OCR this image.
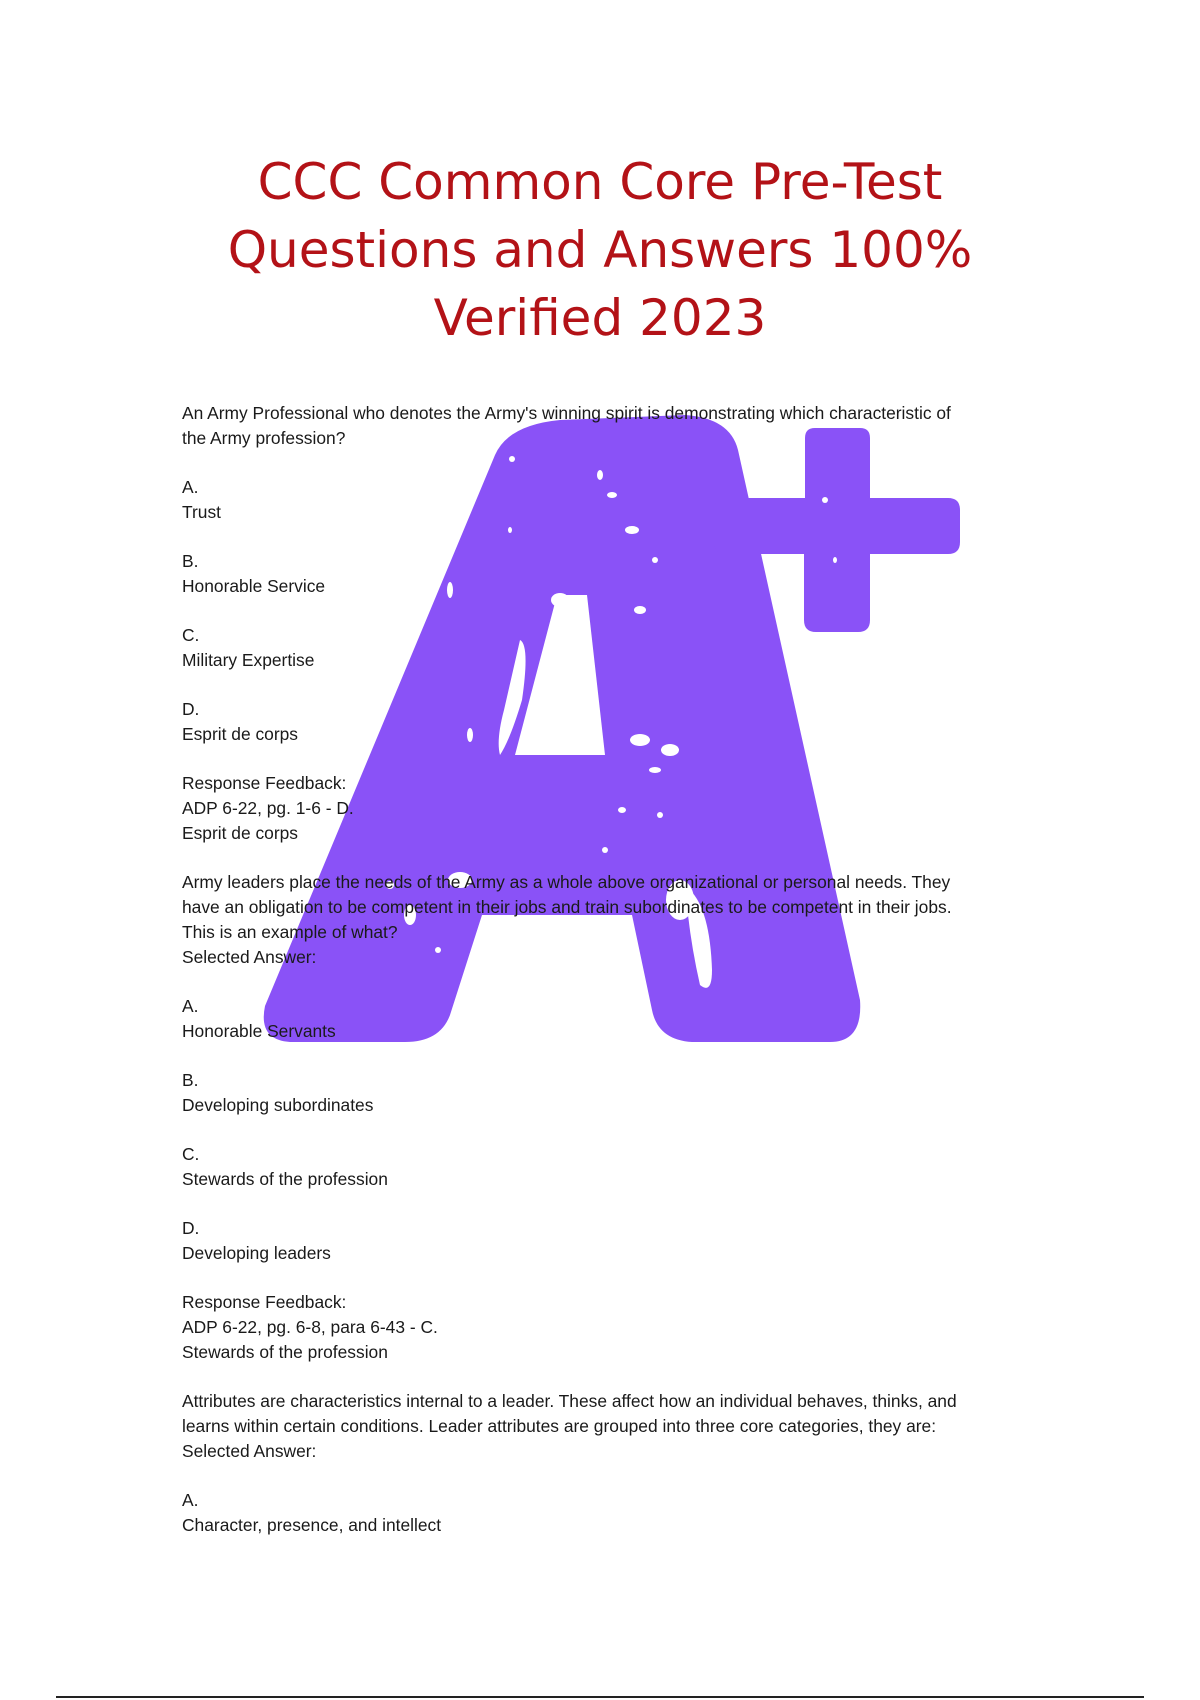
CCC Common Core Pre-Test
Questions and Answers 100%
Verified 2023
An Army Professional who denotes the Army's winning spirit is demonstrating which characteristic of
the Army profession?
A.
Trust
B.
Honorable Service
C.
Military Expertise
D.
Esprit de corps
Response Feedback:
ADP 6-22, pg. 1-6 - D.
Esprit de corps
Army leaders place the needs of the Army as a whole above organizational or personal needs. They
have an obligation to be competent in their jobs and train subordinates to be competent in their jobs.
This is an example of what?
Selected Answer:
A.
Honorable Servants
B.
Developing subordinates
C.
Stewards of the profession
D.
Developing leaders
Response Feedback:
ADP 6-22, pg. 6-8, para 6-43 - C.
Stewards of the profession
Attributes are characteristics internal to a leader. These affect how an individual behaves, thinks, and
learns within certain conditions. Leader attributes are grouped into three core categories, they are:
Selected Answer:
A.
Character, presence, and intellect
